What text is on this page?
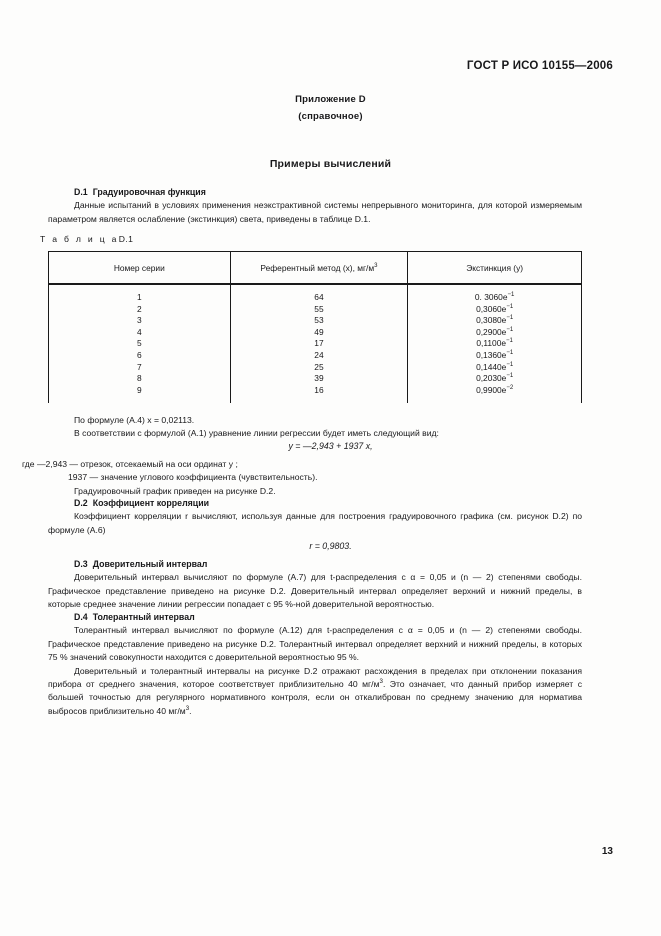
ГОСТ Р ИСО 10155—2006
Приложение D
(справочное)
Примеры вычислений
D.1 Градуировочная функция

Данные испытаний в условиях применения неэкстрактивной системы непрерывного мониторинга, для которой измеряемым параметром является ослабление (экстинкция) света, приведены в таблице D.1.

Т а б л и ц аD.1
Номер серии	Референтный метод (x), $мг/м^3$	Экстинкция (y)
1	64	0. $3060e^{-1}$
2	55	$0,3060e^{-1}$
3	53	$0,3080e^{-1}$
4	49	$0,2900e^{-1}$
5	17	$0,1100e^{-1}$
6	24	$0,1360e^{-1}$
7	25	$0,1440e^{-1}$
8	39	$0,2030e^{-1}$
9	16	$0,9900e^{-2}$

По формуле (A.4) x = 0,02113.

В соответствии с формулой (A.1) уравнение линии регрессии будет иметь следующий вид:

y = —2,943 + 1937 x,

где —2,943 — отрезок, отсекаемый на оси ординат y ;

1937 — значение углового коэффициента (чувствительность).

Градуировочный график приведен на рисунке D.2.

D.2 Коэффициент корреляции

Коэффициент корреляции r вычисляют, используя данные для построения градуировочного графика (см. рисунок D.2) по формуле (A.6)

r = 0,9803.
D.3 Доверительный интервал

Доверительный интервал вычисляют по формуле (A.7) для t-распределения с α = 0,05 и (n — 2) степенями свободы. Графическое представление приведено на рисунке D.2. Доверительный интервал определяет верхний и нижний пределы, в которые среднее значение линии регрессии попадает с 95 %-ной доверительной вероятностью.

D.4 Толерантный интервал

Толерантный интервал вычисляют по формуле (A.12) для t-распределения с α = 0,05 и (n — 2) степенями свободы. Графическое представление приведено на рисунке D.2. Толерантный интервал определяет верхний и нижний пределы, в которых 75 % значений совокупности находится с доверительной вероятностью 95 %.

Доверительный и толерантный интервалы на рисунке D.2 отражают расхождения в пределах при отклонении показания прибора от среднего значения, которое соответствует приблизительно 40 $мг/м^3$. Это означает, что данный прибор измеряет с большей точностью для регулярного нормативного контроля, если он откалиброван по среднему значению для норматива выбросов приблизительно 40 $мг/м^3$.

13
